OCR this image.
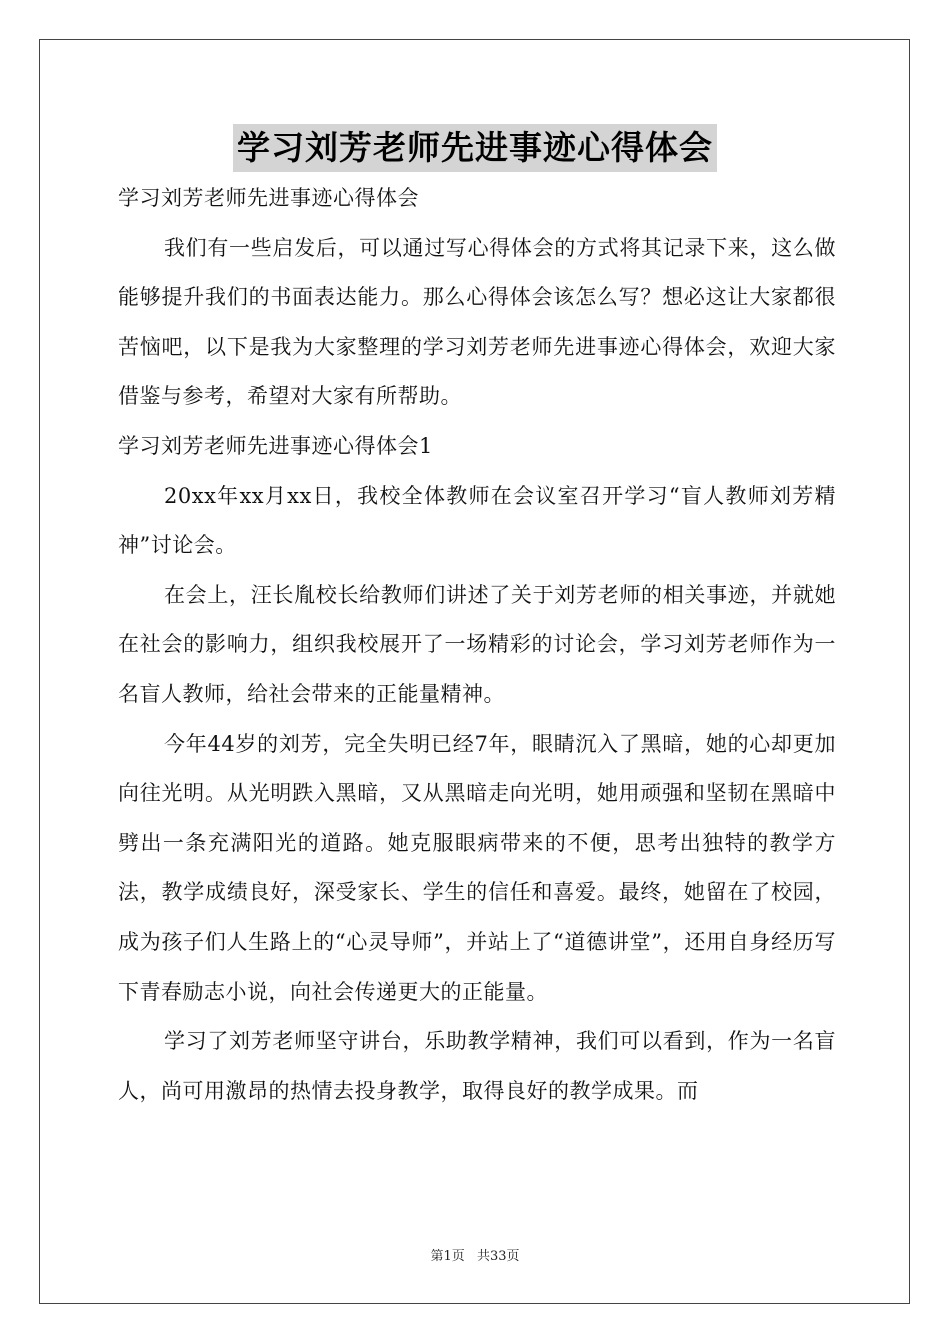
学习刘芳老师先进事迹心得体会

学习刘芳老师先进事迹心得体会

我们有一些启发后，可以通过写心得体会的方式将其记录下来，这么做能够提升我们的书面表达能力。那么心得体会该怎么写？想必这让大家都很苦恼吧，以下是我为大家整理的学习刘芳老师先进事迹心得体会，欢迎大家借鉴与参考，希望对大家有所帮助。

学习刘芳老师先进事迹心得体会1

20xx年xx月xx日，我校全体教师在会议室召开学习“盲人教师刘芳精神”讨论会。

在会上，汪长胤校长给教师们讲述了关于刘芳老师的相关事迹，并就她在社会的影响力，组织我校展开了一场精彩的讨论会，学习刘芳老师作为一名盲人教师，给社会带来的正能量精神。

今年44岁的刘芳，完全失明已经7年，眼睛沉入了黑暗，她的心却更加向往光明。从光明跌入黑暗，又从黑暗走向光明，她用顽强和坚韧在黑暗中劈出一条充满阳光的道路。她克服眼病带来的不便，思考出独特的教学方法，教学成绩良好，深受家长、学生的信任和喜爱。最终，她留在了校园，成为孩子们人生路上的“心灵导师”，并站上了“道德讲堂”，还用自身经历写下青春励志小说，向社会传递更大的正能量。

学习了刘芳老师坚守讲台，乐助教学精神，我们可以看到，作为一名盲人，尚可用激昂的热情去投身教学，取得良好的教学成果。而

第1页 共33页
